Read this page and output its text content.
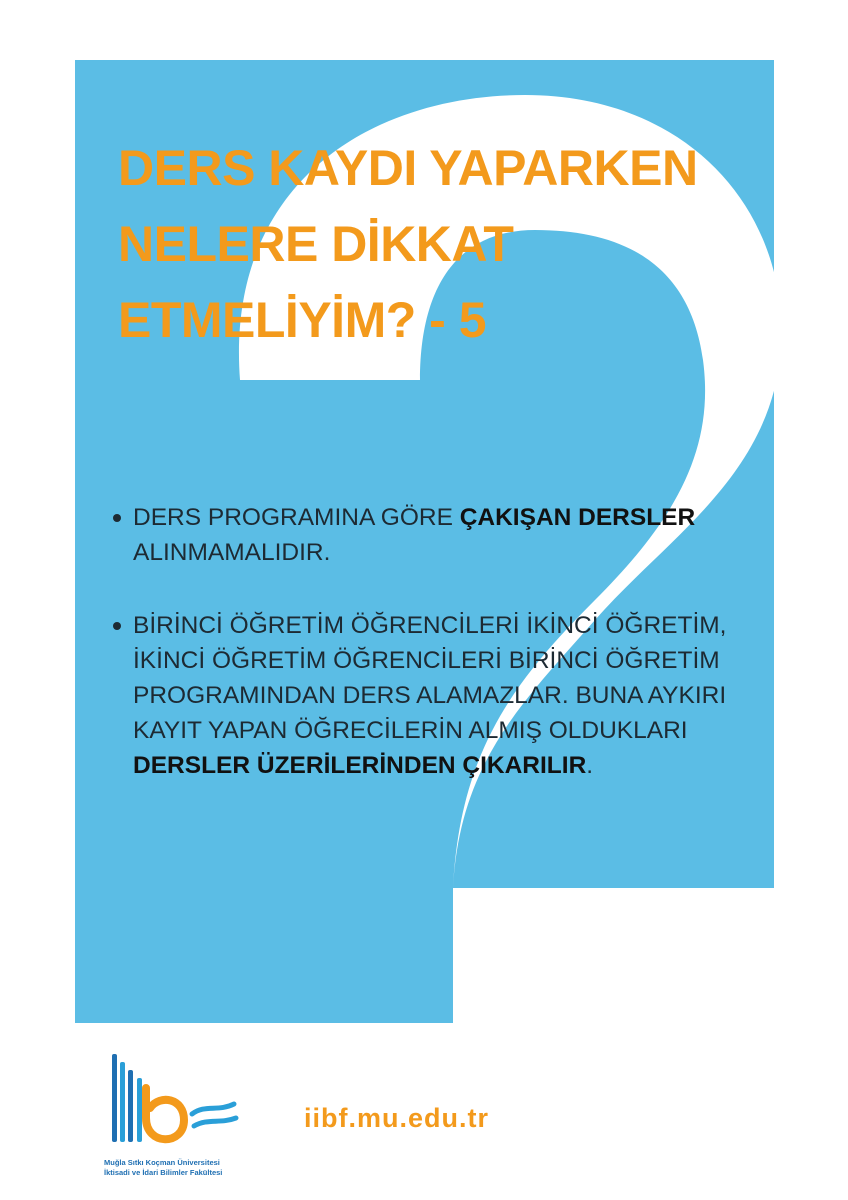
DERS KAYDI YAPARKEN
NELERE DİKKAT
ETMELİYİM? - 5
DERS PROGRAMINA GÖRE ÇAKIŞAN DERSLER ALINMAMALIDIR.
BİRİNCİ ÖĞRETİM ÖĞRENCİLERİ İKİNCİ ÖĞRETİM, İKİNCİ ÖĞRETİM ÖĞRENCİLERİ BİRİNCİ ÖĞRETİM PROGRAMINDAN DERS ALAMAZLAR. BUNA AYKIRI KAYIT YAPAN ÖĞRECİLERİN ALMIŞ OLDUKLARI DERSLER ÜZERİLERİNDEN ÇIKARILIR.
Muğla Sıtkı Koçman Üniversitesi
İktisadi ve İdari Bilimler Fakültesi
iibf.mu.edu.tr
